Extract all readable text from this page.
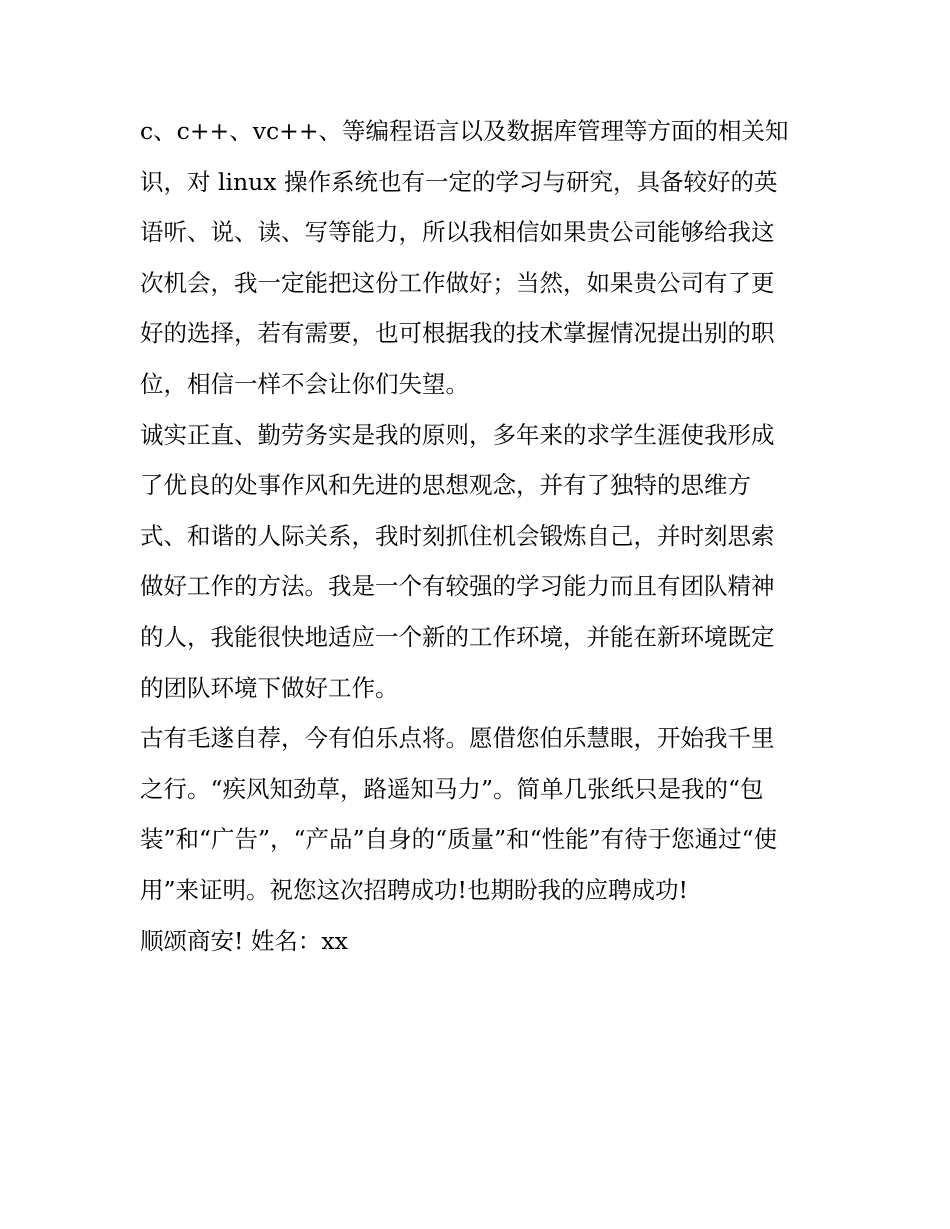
c、c++、vc++、等编程语言以及数据库管理等方面的相关知
识，对 linux 操作系统也有一定的学习与研究，具备较好的英
语听、说、读、写等能力，所以我相信如果贵公司能够给我这
次机会，我一定能把这份工作做好；当然，如果贵公司有了更
好的选择，若有需要，也可根据我的技术掌握情况提出别的职
位，相信一样不会让你们失望。
诚实正直、勤劳务实是我的原则，多年来的求学生涯使我形成
了优良的处事作风和先进的思想观念，并有了独特的思维方
式、和谐的人际关系，我时刻抓住机会锻炼自己，并时刻思索
做好工作的方法。我是一个有较强的学习能力而且有团队精神
的人，我能很快地适应一个新的工作环境，并能在新环境既定
的团队环境下做好工作。
古有毛遂自荐，今有伯乐点将。愿借您伯乐慧眼，开始我千里
之行。“疾风知劲草，路遥知马力”。简单几张纸只是我的“包
装”和“广告”，“产品”自身的“质量”和“性能”有待于您通过“使
用”来证明。祝您这次招聘成功!也期盼我的应聘成功!
顺颂商安! 姓名：xx
